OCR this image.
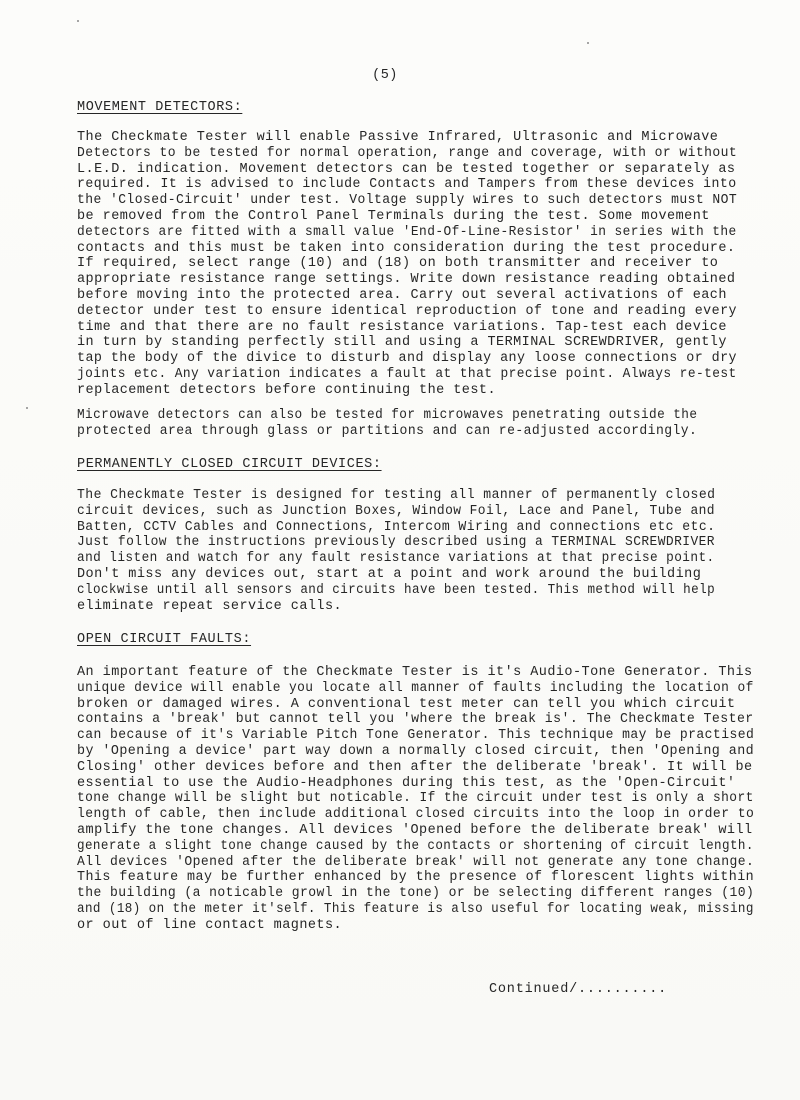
(5)
MOVEMENT DETECTORS:
The Checkmate Tester will enable Passive Infrared, Ultrasonic and Microwave
Detectors to be tested for normal operation, range and coverage, with or without
L.E.D. indication. Movement detectors can be tested together or separately as
required. It is advised to include Contacts and Tampers from these devices into
the 'Closed-Circuit' under test. Voltage supply wires to such detectors must NOT
be removed from the Control Panel Terminals during the test. Some movement
detectors are fitted with a small value 'End-Of-Line-Resistor' in series with the
contacts and this must be taken into consideration during the test procedure.
If required, select range (10) and (18) on both transmitter and receiver to
appropriate resistance range settings. Write down resistance reading obtained
before moving into the protected area. Carry out several activations of each
detector under test to ensure identical reproduction of tone and reading every
time and that there are no fault resistance variations. Tap-test each device
in turn by standing perfectly still and using a TERMINAL SCREWDRIVER, gently
tap the body of the divice to disturb and display any loose connections or dry
joints etc. Any variation indicates a fault at that precise point. Always re-test
replacement detectors before continuing the test.
Microwave detectors can also be tested for microwaves penetrating outside the
protected area through glass or partitions and can re-adjusted accordingly.
PERMANENTLY CLOSED CIRCUIT DEVICES:
The Checkmate Tester is designed for testing all manner of permanently closed
circuit devices, such as Junction Boxes, Window Foil, Lace and Panel, Tube and
Batten, CCTV Cables and Connections, Intercom Wiring and connections etc etc.
Just follow the instructions previously described using a TERMINAL SCREWDRIVER
and listen and watch for any fault resistance variations at that precise point.
Don't miss any devices out, start at a point and work around the building
clockwise until all sensors and circuits have been tested. This method will help
eliminate repeat service calls.
OPEN CIRCUIT FAULTS:
An important feature of the Checkmate Tester is it's Audio-Tone Generator. This
unique device will enable you locate all manner of faults including the location of
broken or damaged wires. A conventional test meter can tell you which circuit
contains a 'break' but cannot tell you 'where the break is'. The Checkmate Tester
can because of it's Variable Pitch Tone Generator. This technique may be practised
by 'Opening a device' part way down a normally closed circuit, then 'Opening and
Closing' other devices before and then after the deliberate 'break'. It will be
essential to use the Audio-Headphones during this test, as the 'Open-Circuit'
tone change will be slight but noticable. If the circuit under test is only a short
length of cable, then include additional closed circuits into the loop in order to
amplify the tone changes. All devices 'Opened before the deliberate break' will
generate a slight tone change caused by the contacts or shortening of circuit length.
All devices 'Opened after the deliberate break' will not generate any tone change.
This feature may be further enhanced by the presence of florescent lights within
the building (a noticable growl in the tone) or be selecting different ranges (10)
and (18) on the meter it'self. This feature is also useful for locating weak, missing
or out of line contact magnets.
Continued/..........
